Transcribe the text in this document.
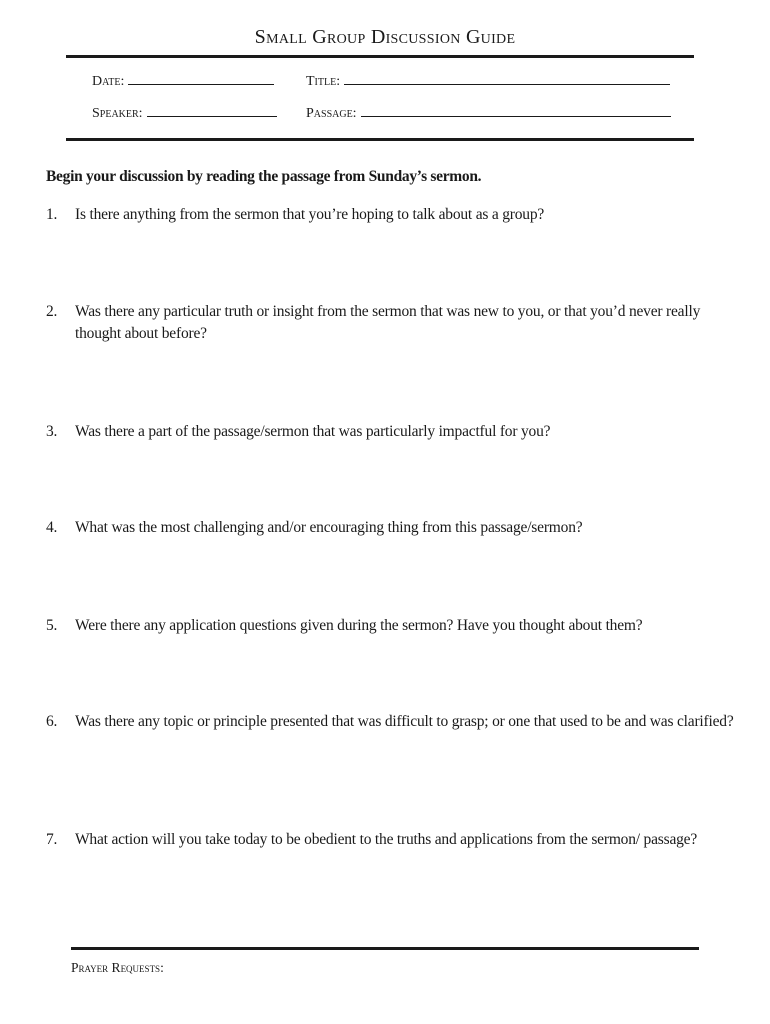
Small Group Discussion Guide
Date:	Title:
Speaker:	Passage:
Begin your discussion by reading the passage from Sunday’s sermon.
1. Is there anything from the sermon that you’re hoping to talk about as a group?
2. Was there any particular truth or insight from the sermon that was new to you, or that you’d never really thought about before?
3. Was there a part of the passage/sermon that was particularly impactful for you?
4. What was the most challenging and/or encouraging thing from this passage/sermon?
5. Were there any application questions given during the sermon? Have you thought about them?
6. Was there any topic or principle presented that was difficult to grasp; or one that used to be and was clarified?
7. What action will you take today to be obedient to the truths and applications from the sermon/ passage?
Prayer Requests:
